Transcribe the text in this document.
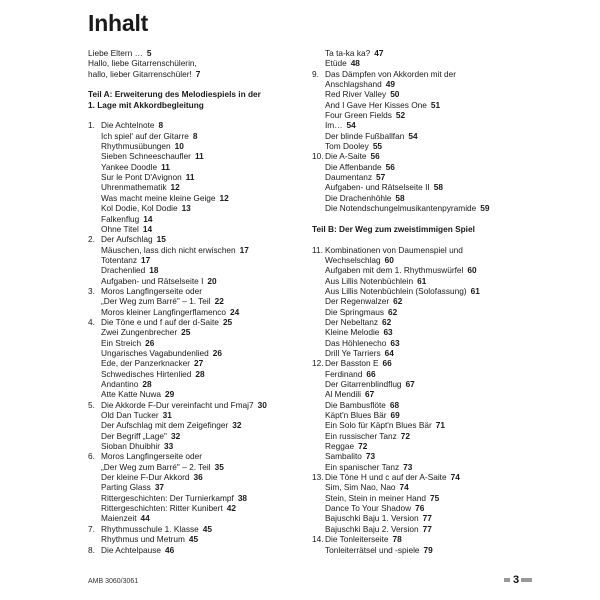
Inhalt
Liebe Eltern … 5
Hallo, liebe Gitarrenschülerin,
hallo, lieber Gitarrenschüler! 7
Teil A: Erweiterung des Melodiespiels in der
1. Lage mit Akkordbegleitung
1. Die Achtelnote 8
Ich spiel' auf der Gitarre 8
Rhythmusübungen 10
Sieben Schneeschaufler 11
Yankee Doodle 11
Sur le Pont D'Avignon 11
Uhrenmathematik 12
Was macht meine kleine Geige 12
Kol Dodie, Kol Dodie 13
Falkenflug 14
Ohne Titel 14
2. Der Aufschlag 15
Mäuschen, lass dich nicht erwischen 17
Totentanz 17
Drachenlied 18
Aufgaben- und Rätselseite I 20
3. Moros Langfingerseite oder
„Der Weg zum Barré" – 1. Teil 22
Moros kleiner Langfingerflamenco 24
4. Die Töne e und f auf der d-Saite 25
Zwei Zungenbrecher 25
Ein Streich 26
Ungarisches Vagabundenlied 26
Ede, der Panzerknacker 27
Schwedisches Hirtenlied 28
Andantino 28
Atte Katte Nuwa 29
5. Die Akkorde F-Dur vereinfacht und Fmaj7 30
Old Dan Tucker 31
Der Aufschlag mit dem Zeigefinger 32
Der Begriff „Lage" 32
Sioban Dhuibhir 33
6. Moros Langfingerseite oder
„Der Weg zum Barré" – 2. Teil 35
Der kleine F-Dur Akkord 36
Parting Glass 37
Rittergeschichten: Der Turnierkampf 38
Rittergeschichten: Ritter Kunibert 42
Maienzeit 44
7. Rhythmusschule 1. Klasse 45
Rhythmus und Metrum 45
8. Die Achtelpause 46
Ta ta-ka ka? 47
Etüde 48
9. Das Dämpfen von Akkorden mit der
Anschlagshand 49
Red River Valley 50
And I Gave Her Kisses One 51
Four Green Fields 52
Im… 54
Der blinde Fußballfan 54
Tom Dooley 55
10.Die A-Saite 56
Die Affenbande 56
Daumentanz 57
Aufgaben- und Rätselseite II 58
Die Drachenhöhle 58
Die Notendschungelmusikantenpyramide 59
Teil B: Der Weg zum zweistimmigen Spiel
11. Kombinationen von Daumenspiel und
Wechselschlag 60
Aufgaben mit dem 1. Rhythmuswürfel 60
Aus Lillis Notenbüchlein 61
Aus Lillis Notenbüchlein (Solofassung) 61
Der Regenwalzer 62
Die Springmaus 62
Der Nebeltanz 62
Kleine Melodie 63
Das Höhlenecho 63
Drill Ye Tarriers 64
12.Der Basston E 66
Ferdinand 66
Der Gitarrenblindflug 67
Al Mendili 67
Die Bambusflöte 68
Käpt'n Blues Bär 69
Ein Solo für Käpt'n Blues Bär 71
Ein russischer Tanz 72
Reggae 72
Sambalito 73
Ein spanischer Tanz 73
13.Die Töne H und c auf der A-Saite 74
Sim, Sim Nao, Nao 74
Stein, Stein in meiner Hand 75
Dance To Your Shadow 76
Bajuschki Baju 1. Version 77
Bajuschki Baju 2. Version 77
14.Die Tonleiterseite 78
Tonleiterrätsel und -spiele 79
AMB 3060/3061	3
